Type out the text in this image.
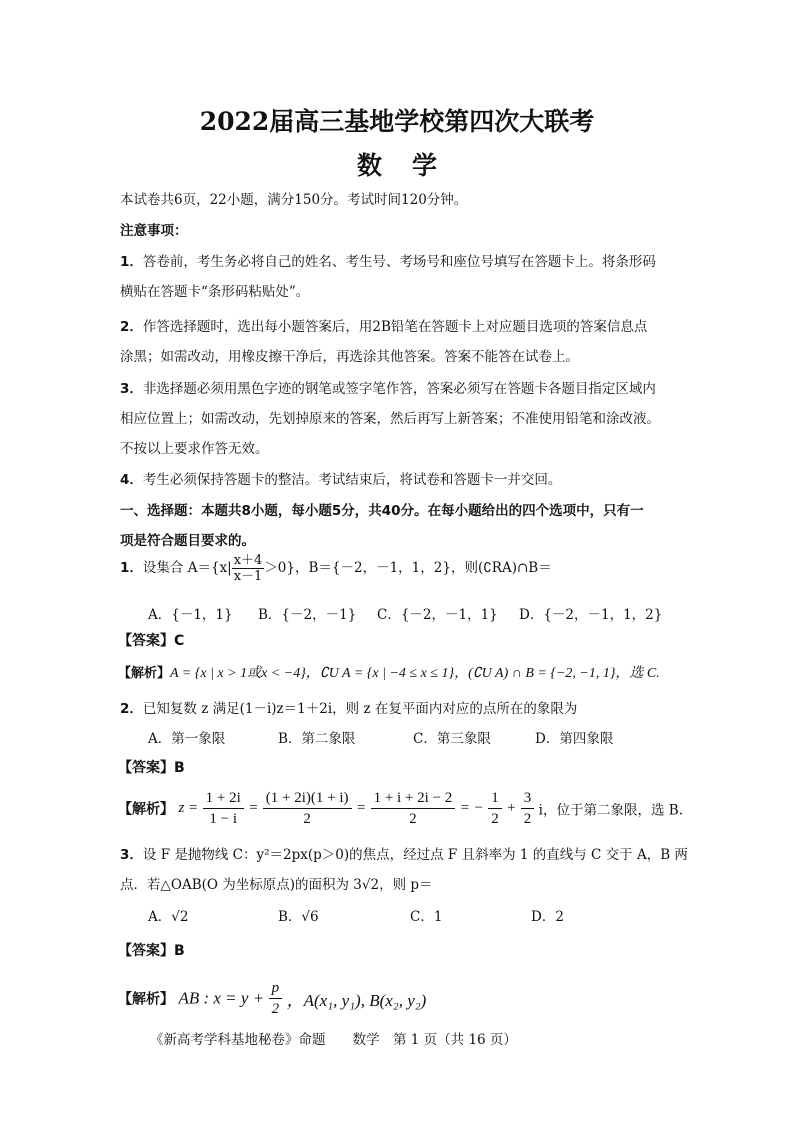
2022届高三基地学校第四次大联考
数学
本试卷共6页，22小题，满分150分。考试时间120分钟。
注意事项：
1．答卷前，考生务必将自己的姓名、考生号、考场号和座位号填写在答题卡上。将条形码
横贴在答题卡“条形码粘贴处”。
2．作答选择题时，选出每小题答案后，用2B铅笔在答题卡上对应题目选项的答案信息点
涂黑；如需改动，用橡皮擦干净后，再选涂其他答案。答案不能答在试卷上。
3．非选择题必须用黑色字迹的钢笔或签字笔作答，答案必须写在答题卡各题目指定区域内
相应位置上；如需改动，先划掉原来的答案，然后再写上新答案；不准使用铅笔和涂改液。
不按以上要求作答无效。
4．考生必须保持答题卡的整洁。考试结束后，将试卷和答题卡一并交回。
一、选择题：本题共8小题，每小题5分，共40分。在每小题给出的四个选项中，只有一
项是符合题目要求的。
1．设集合 $A=\{x| \frac{x+4}{x-1} >0\}$，B＝{－2，－1，1，2}，则(∁RA)∩B＝
A．{－1，1} B．{－2，－1} C．{－2，－1，1} D．{－2，－1，1，2}
【答案】C
【解析】A = {x | x > 1或x < −4}，∁U A = {x | −4 ≤ x ≤ 1}，(∁U A) ∩ B = {−2, −1, 1}，选 C.
2．已知复数 z 满足(1－i)z＝1＋2i，则 z 在复平面内对应的点所在的象限为
A．第一象限	B．第二象限	C．第三象限	D．第四象限
【答案】B
【解析】 $z = \frac{1 + 2i}{1 - i} = \frac{(1 + 2i)(1 + i)}{2} = \frac{1 + i + 2i - 2}{2}$ = − $\frac{1}{2} + \frac{3}{2}$ i，位于第二象限，选 B.
3．设 F 是抛物线 C：y²＝2px(p＞0)的焦点，经过点 F 且斜率为 1 的直线与 C 交于 A，B 两
点．若△OAB(O 为坐标原点)的面积为 3√2，则 p＝
A．√2	B．√6	C．1	D．2
【答案】B
【解析】 AB : $x = y + \frac{p}{2}$ ，A(x₁, y₁), B(x₂, y₂)
《新高考学科基地秘卷》命题　　数学　第 1 页（共 16 页）
